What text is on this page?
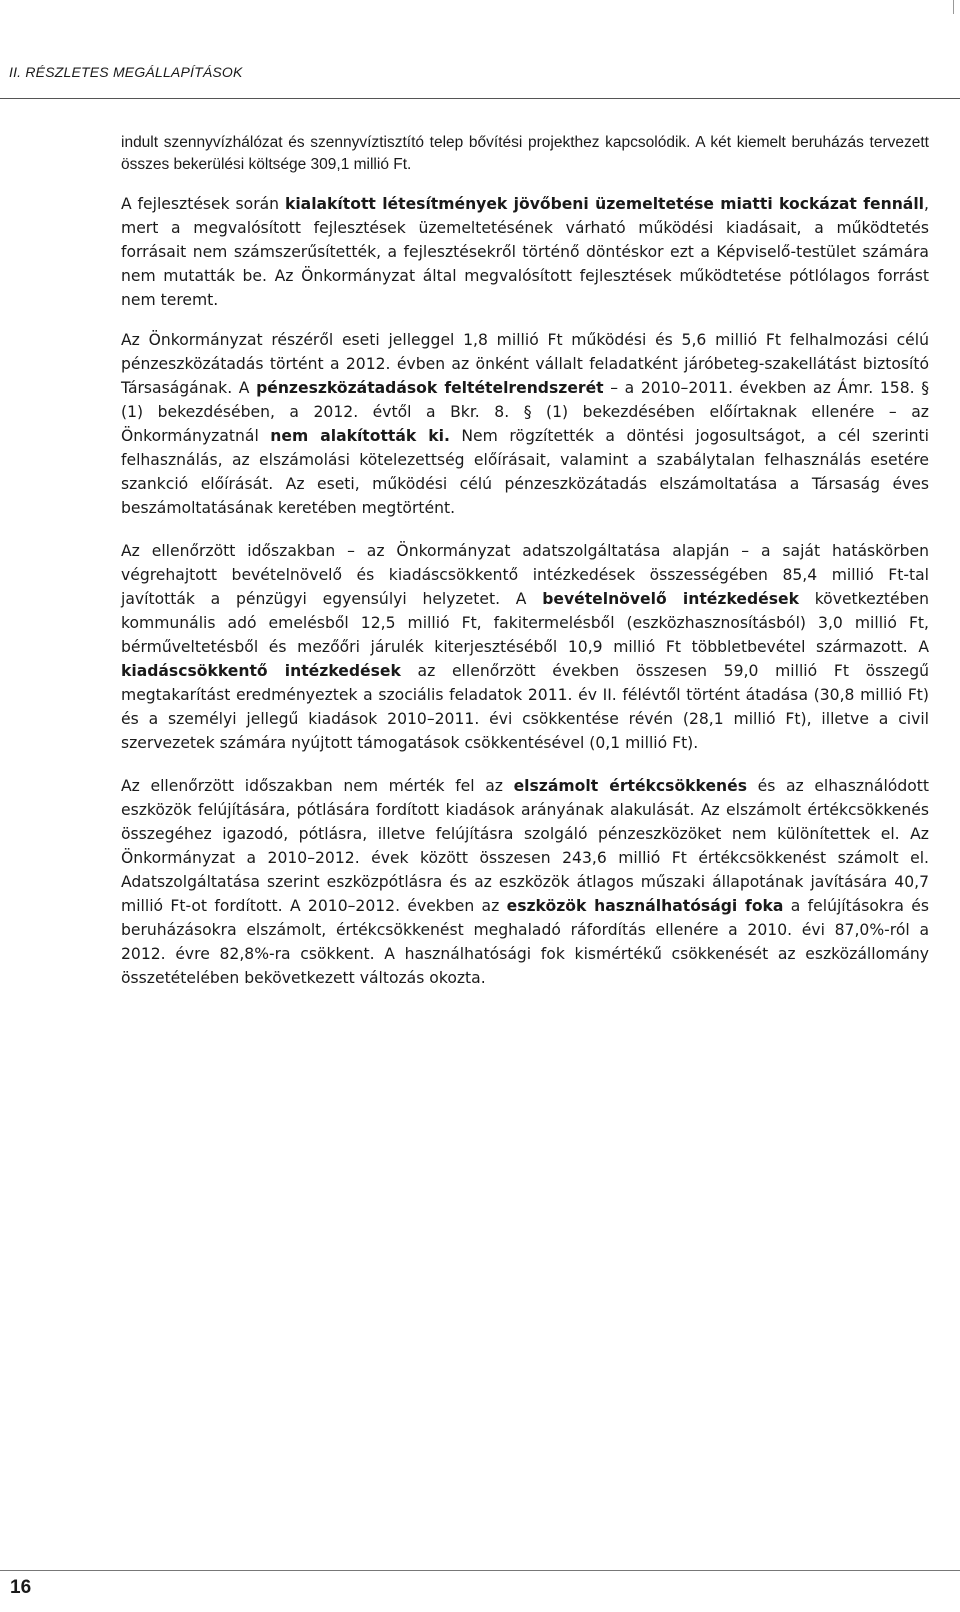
II. RÉSZLETES MEGÁLLAPÍTÁSOK

indult szennyvízhálózat és szennyvíztisztító telep bővítési projekthez kapcsolódik. A két kiemelt beruházás tervezett összes bekerülési költsége 309,1 millió Ft.

A fejlesztések során kialakított létesítmények jövőbeni üzemeltetése miatti kockázat fennáll, mert a megvalósított fejlesztések üzemeltetésének várható működési kiadásait, a működtetés forrásait nem számszerűsítették, a fejlesztésekről történő döntéskor ezt a Képviselő-testület számára nem mutatták be. Az Önkormányzat által megvalósított fejlesztések működtetése pótlólagos forrást nem teremt.

Az Önkormányzat részéről eseti jelleggel 1,8 millió Ft működési és 5,6 millió Ft felhalmozási célú pénzeszközátadás történt a 2012. évben az önként vállalt feladatként járóbeteg-szakellátást biztosító Társaságának. A pénzeszközátadások feltételrendszerét – a 2010–2011. években az Ámr. 158. § (1) bekezdésében, a 2012. évtől a Bkr. 8. § (1) bekezdésében előírtaknak ellenére – az Önkormányzatnál nem alakították ki. Nem rögzítették a döntési jogosultságot, a cél szerinti felhasználás, az elszámolási kötelezettség előírásait, valamint a szabálytalan felhasználás esetére szankció előírását. Az eseti, működési célú pénzeszközátadás elszámoltatása a Társaság éves beszámoltatásának keretében megtörtént.

Az ellenőrzött időszakban – az Önkormányzat adatszolgáltatása alapján – a saját hatáskörben végrehajtott bevételnövelő és kiadáscsökkentő intézkedések összességében 85,4 millió Ft-tal javították a pénzügyi egyensúlyi helyzetet. A bevételnövelő intézkedések következtében kommunális adó emelésből 12,5 millió Ft, fakitermelésből (eszközhasznosításból) 3,0 millió Ft, bérműveltetésből és mezőőri járulék kiterjesztéséből 10,9 millió Ft többletbevétel származott. A kiadáscsökkentő intézkedések az ellenőrzött években összesen 59,0 millió Ft összegű megtakarítást eredményeztek a szociális feladatok 2011. év II. félévtől történt átadása (30,8 millió Ft) és a személyi jellegű kiadások 2010–2011. évi csökkentése révén (28,1 millió Ft), illetve a civil szervezetek számára nyújtott támogatások csökkentésével (0,1 millió Ft).

Az ellenőrzött időszakban nem mérték fel az elszámolt értékcsökkenés és az elhasználódott eszközök felújítására, pótlására fordított kiadások arányának alakulását. Az elszámolt értékcsökkenés összegéhez igazodó, pótlásra, illetve felújításra szolgáló pénzeszközöket nem különítettek el. Az Önkormányzat a 2010–2012. évek között összesen 243,6 millió Ft értékcsökkenést számolt el. Adatszolgáltatása szerint eszközpótlásra és az eszközök átlagos műszaki állapotának javítására 40,7 millió Ft-ot fordított. A 2010–2012. években az eszközök használhatósági foka a felújításokra és beruházásokra elszámolt, értékcsökkenést meghaladó ráfordítás ellenére a 2010. évi 87,0%-ról a 2012. évre 82,8%-ra csökkent. A használhatósági fok kismértékű csökkenését az eszközállomány összetételében bekövetkezett változás okozta.

16
